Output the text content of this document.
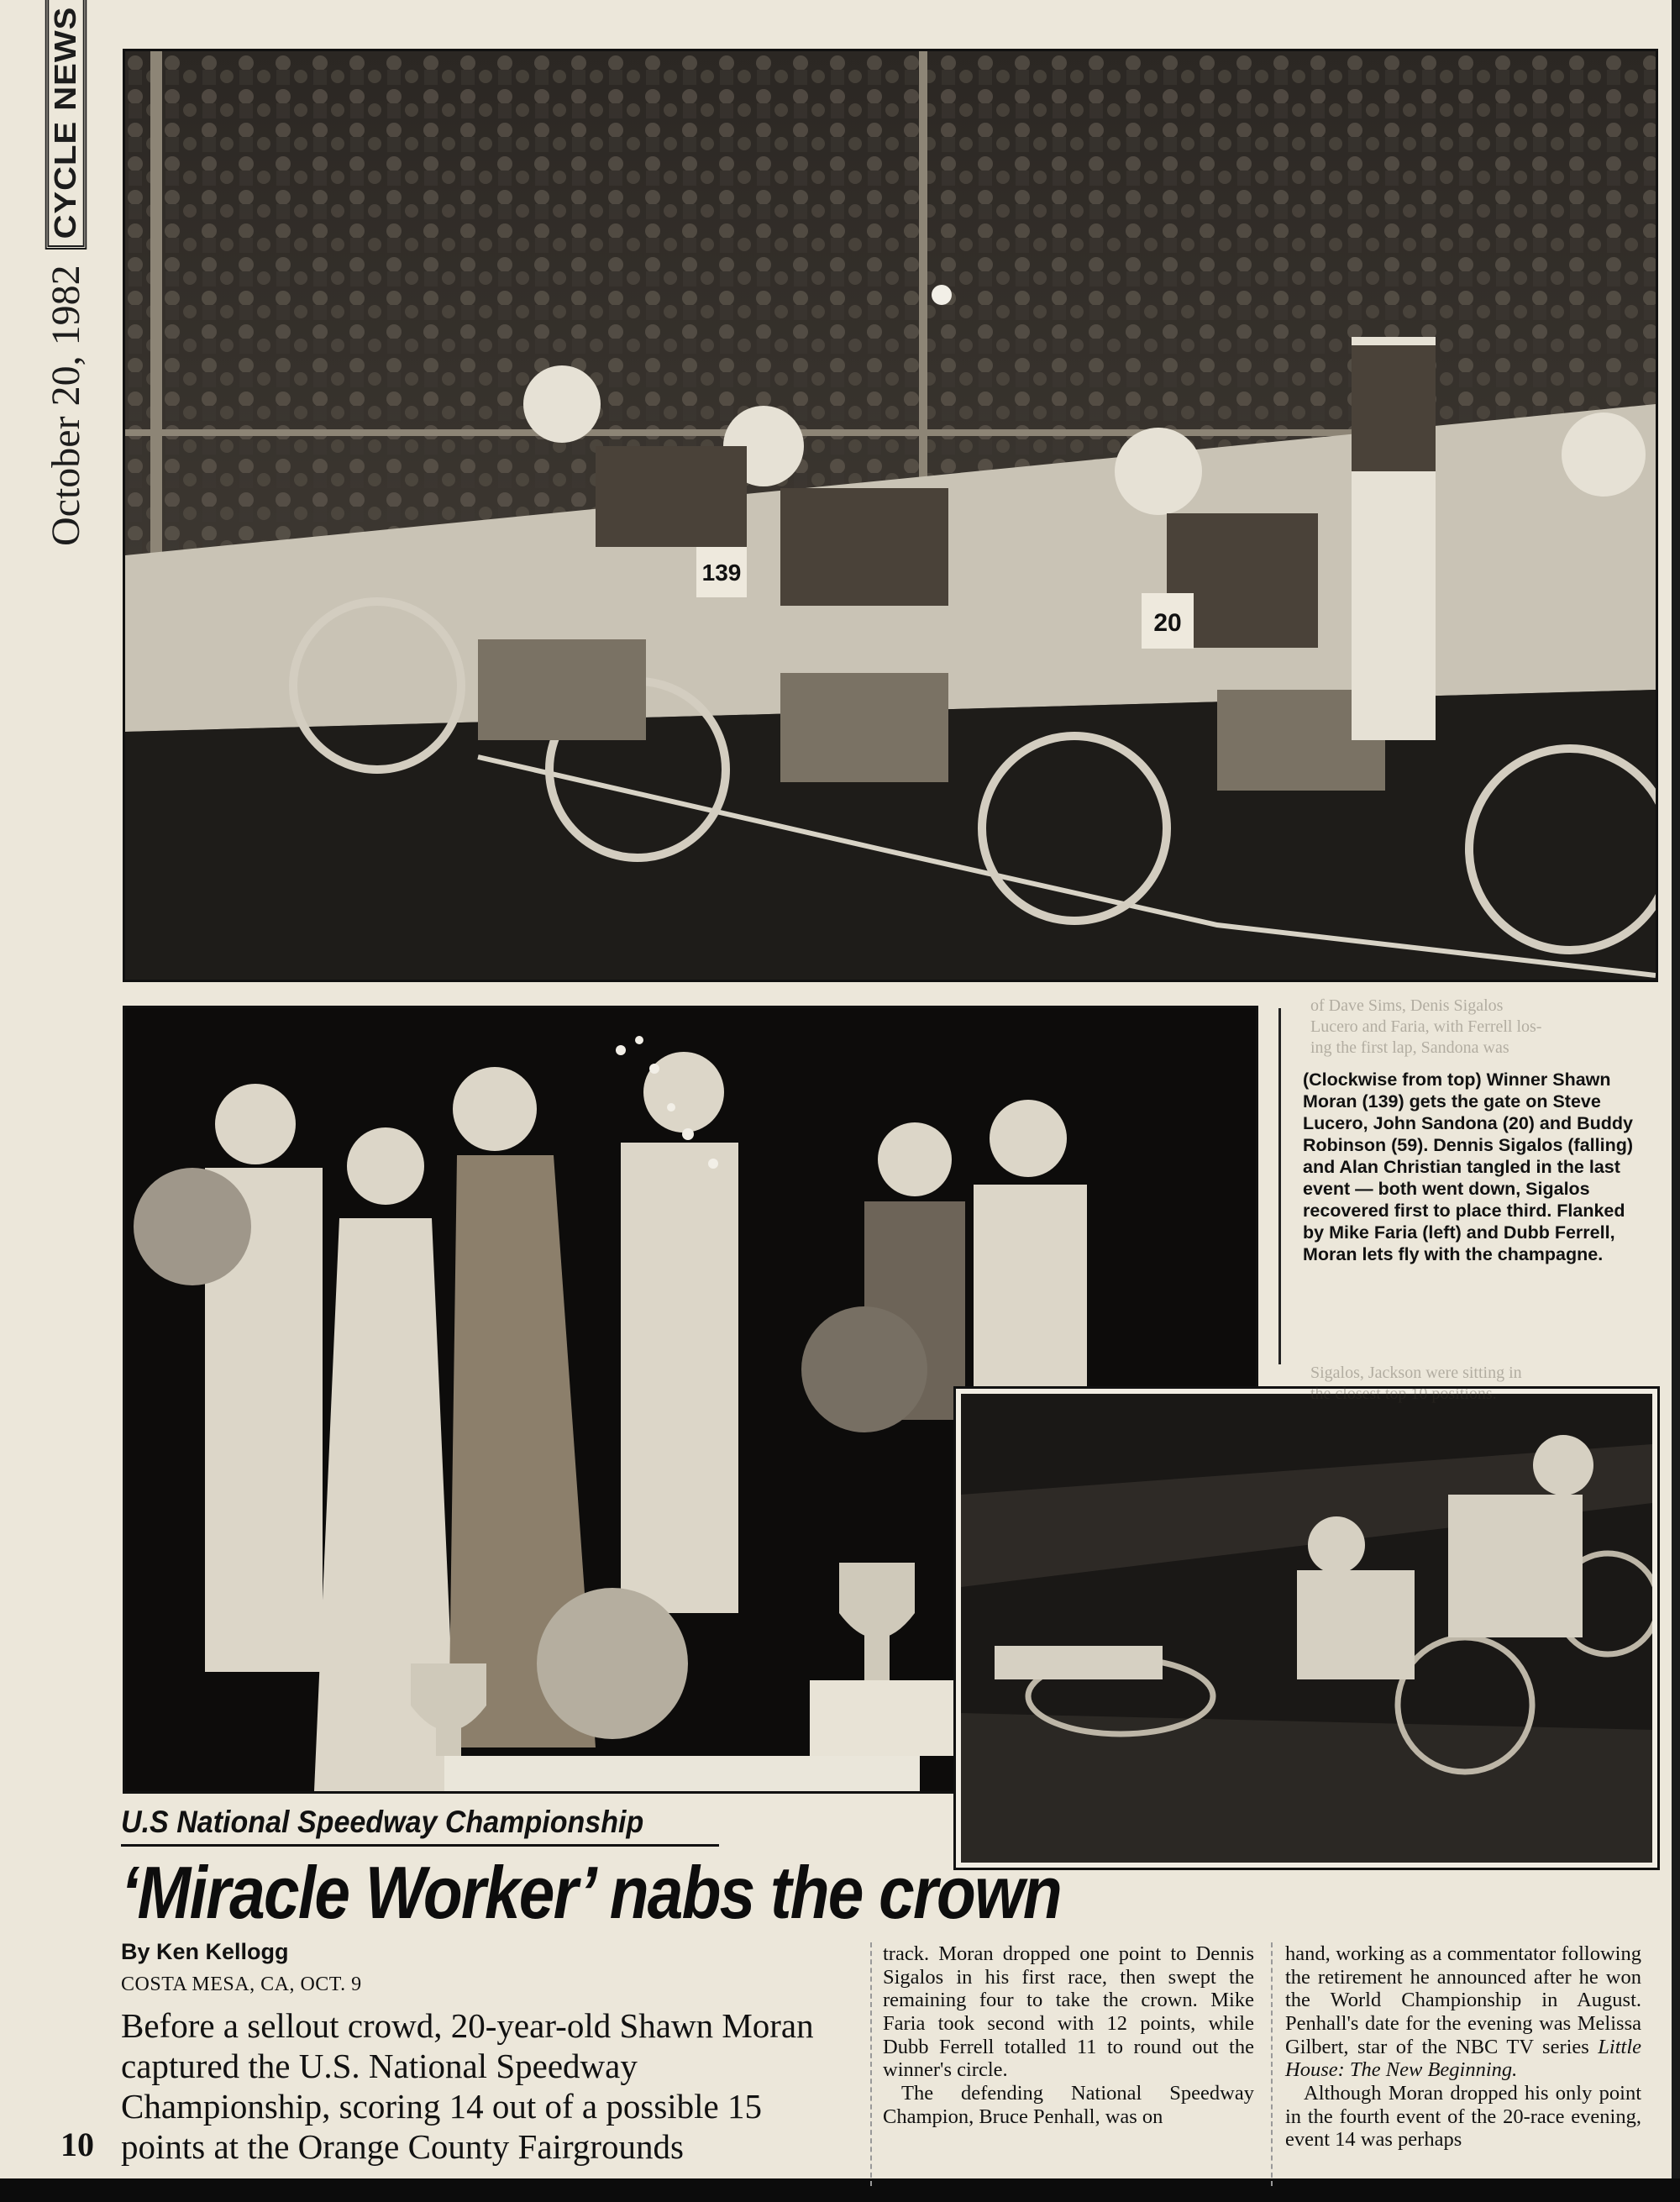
October 20, 1982
CYCLE NEWS
139
20
of Dave Sims, Denis Sigalos
Lucero and Faria, with Ferrell los-
ing the first lap, Sandona was
Sigalos, Jackson were sitting in
the closest top 10 positions.
(Clockwise from top) Winner Shawn Moran (139) gets the gate on Steve Lucero, John Sandona (20) and Buddy Robinson (59). Dennis Sigalos (falling) and Alan Christian tangled in the last event — both went down, Sigalos recovered first to place third. Flanked by Mike Faria (left) and Dubb Ferrell, Moran lets fly with the champagne.
U.S National Speedway Championship
‘Miracle Worker’ nabs the crown
By Ken Kellogg
COSTA MESA, CA, OCT. 9
Before a sellout crowd, 20-year-old Shawn Moran captured the U.S. National Speedway Championship, scoring 14 out of a possible 15 points at the Orange County Fairgrounds
10
track. Moran dropped one point to Dennis Sigalos in his first race, then swept the remaining four to take the crown. Mike Faria took second with 12 points, while Dubb Ferrell totalled 11 to round out the winner's circle.
The defending National Speedway Champion, Bruce Penhall, was on
hand, working as a commentator following the retirement he announced after he won the World Championship in August. Penhall's date for the evening was Melissa Gilbert, star of the NBC TV series Little House: The New Beginning.
Although Moran dropped his only point in the fourth event of the 20-race evening, event 14 was perhaps
